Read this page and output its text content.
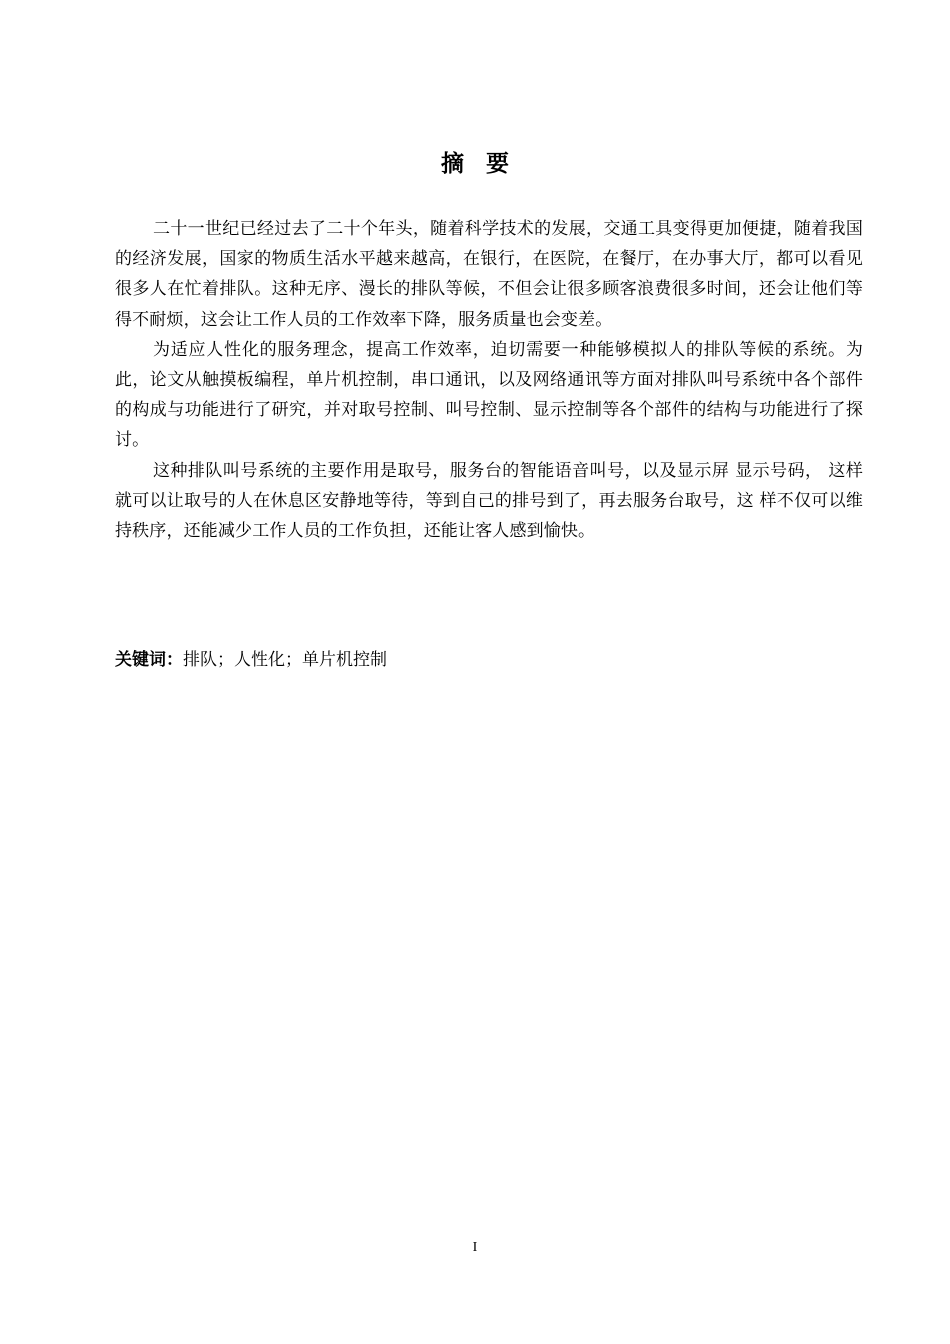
摘要

二十一世纪已经过去了二十个年头，随着科学技术的发展，交通工具变得更加便捷，随着我国的经济发展，国家的物质生活水平越来越高，在银行，在医院，在餐厅，在办事大厅，都可以看见很多人在忙着排队。这种无序、漫长的排队等候，不但会让很多顾客浪费很多时间，还会让他们等得不耐烦，这会让工作人员的工作效率下降，服务质量也会变差。

为适应人性化的服务理念，提高工作效率，迫切需要一种能够模拟人的排队等候的系统。为此，论文从触摸板编程，单片机控制，串口通讯，以及网络通讯等方面对排队叫号系统中各个部件的构成与功能进行了研究，并对取号控制、叫号控制、显示控制等各个部件的结构与功能进行了探讨。

这种排队叫号系统的主要作用是取号，服务台的智能语音叫号，以及显示屏 显示号码， 这样就可以让取号的人在休息区安静地等待，等到自己的排号到了，再去服务台取号，这 样不仅可以维持秩序，还能减少工作人员的工作负担，还能让客人感到愉快。

关键词：排队；人性化；单片机控制
I
